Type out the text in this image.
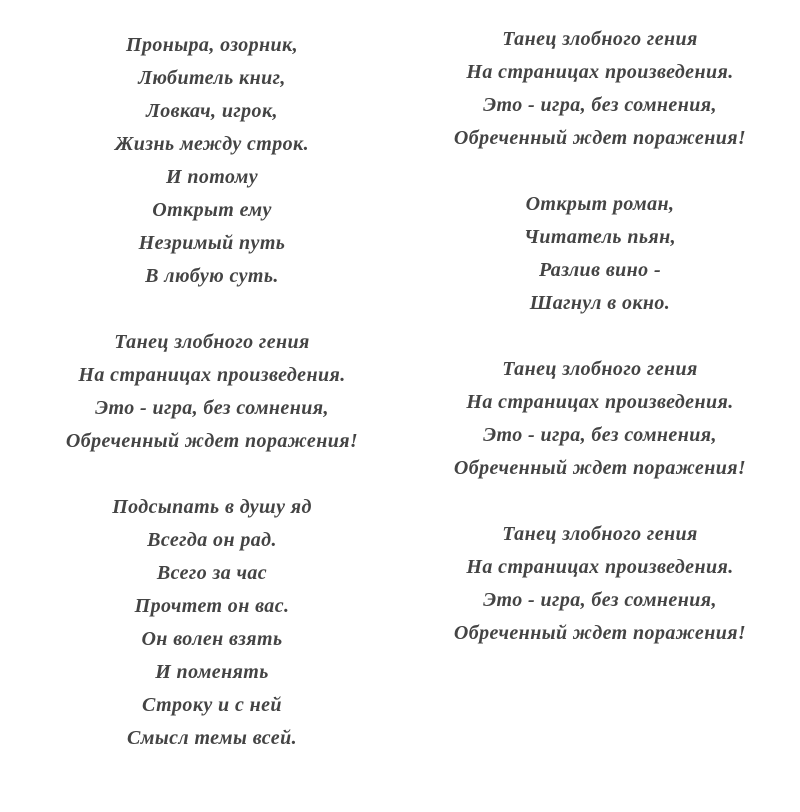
Пронырa, озорник,
Любитель книг,
Ловкач, игрок,
Жизнь между строк.
И потому
Открыт ему
Незримый путь
В любую суть.
Танец злобного гения
На страницах произведения.
Это - игра, без сомнения,
Обреченный ждет поражения!
Подсыпать в душу яд
Всегда он рад.
Всего за час
Прочтет он вас.
Он волен взять
И поменять
Строку и с ней
Смысл темы всей.
Танец злобного гения
На страницах произведения.
Это - игра, без сомнения,
Обреченный ждет поражения!
Открыт роман,
Читатель пьян,
Разлив вино -
Шагнул в окно.
Танец злобного гения
На страницах произведения.
Это - игра, без сомнения,
Обреченный ждет поражения!
Танец злобного гения
На страницах произведения.
Это - игра, без сомнения,
Обреченный ждет поражения!
